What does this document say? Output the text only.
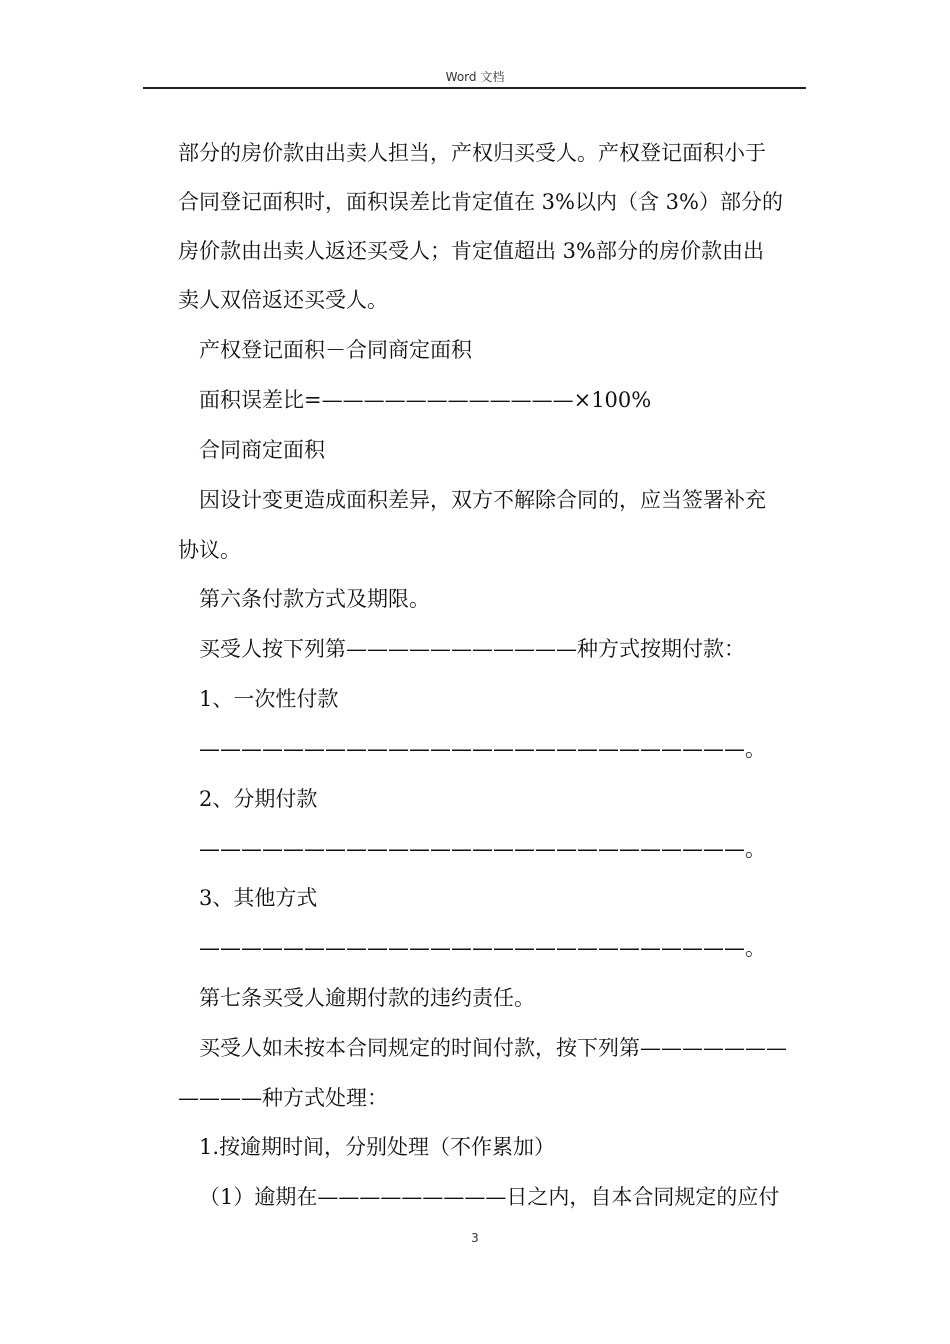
Word 文档
部分的房价款由出卖人担当，产权归买受人。产权登记面积小于
合同登记面积时，面积误差比肯定值在 3%以内（含 3%）部分的
房价款由出卖人返还买受人；肯定值超出 3%部分的房价款由出
卖人双倍返还买受人。
产权登记面积－合同商定面积
面积误差比=————————————×100%
合同商定面积
因设计变更造成面积差异，双方不解除合同的，应当签署补充
协议。
第六条付款方式及期限。
买受人按下列第———————————种方式按期付款：
1、一次性付款
——————————————————————————。
2、分期付款
——————————————————————————。
3、其他方式
——————————————————————————。
第七条买受人逾期付款的违约责任。
买受人如未按本合同规定的时间付款，按下列第———————
————种方式处理：
1.按逾期时间，分别处理（不作累加）
（1）逾期在—————————日之内，自本合同规定的应付
3
